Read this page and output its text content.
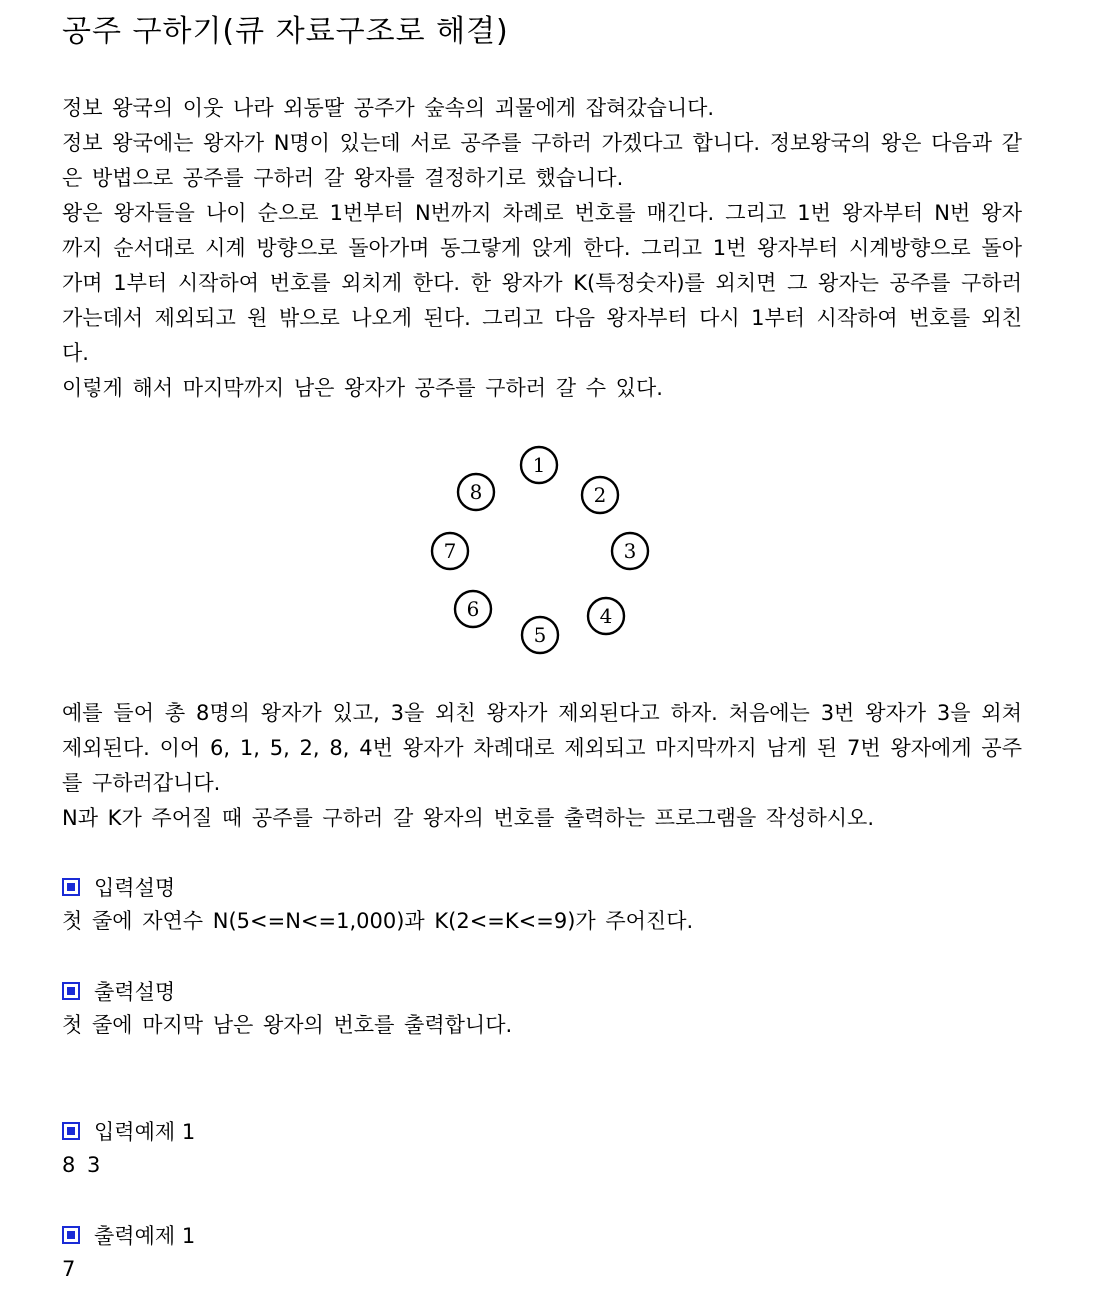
공주 구하기(큐 자료구조로 해결)
정보 왕국의 이웃 나라 외동딸 공주가 숲속의 괴물에게 잡혀갔습니다.
정보 왕국에는 왕자가 N명이 있는데 서로 공주를 구하러 가겠다고 합니다. 정보왕국의 왕은 다음과 같은 방법으로 공주를 구하러 갈 왕자를 결정하기로 했습니다.
왕은 왕자들을 나이 순으로 1번부터 N번까지 차례로 번호를 매긴다. 그리고 1번 왕자부터 N번 왕자까지 순서대로 시계 방향으로 돌아가며 동그랗게 앉게 한다. 그리고 1번 왕자부터 시계방향으로 돌아가며 1부터 시작하여 번호를 외치게 한다. 한 왕자가 K(특정숫자)를 외치면 그 왕자는 공주를 구하러 가는데서 제외되고 원 밖으로 나오게 된다. 그리고 다음 왕자부터 다시 1부터 시작하여 번호를 외친다.
이렇게 해서 마지막까지 남은 왕자가 공주를 구하러 갈 수 있다.
1
2
3
4
5
6
7
8
예를 들어 총 8명의 왕자가 있고, 3을 외친 왕자가 제외된다고 하자. 처음에는 3번 왕자가 3을 외쳐 제외된다. 이어 6, 1, 5, 2, 8, 4번 왕자가 차례대로 제외되고 마지막까지 남게 된 7번 왕자에게 공주를 구하러갑니다.
N과 K가 주어질 때 공주를 구하러 갈 왕자의 번호를 출력하는 프로그램을 작성하시오.
입력설명
첫 줄에 자연수 N(5<=N<=1,000)과 K(2<=K<=9)가 주어진다.
출력설명
첫 줄에 마지막 남은 왕자의 번호를 출력합니다.
입력예제 1
8 3
출력예제 1
7
